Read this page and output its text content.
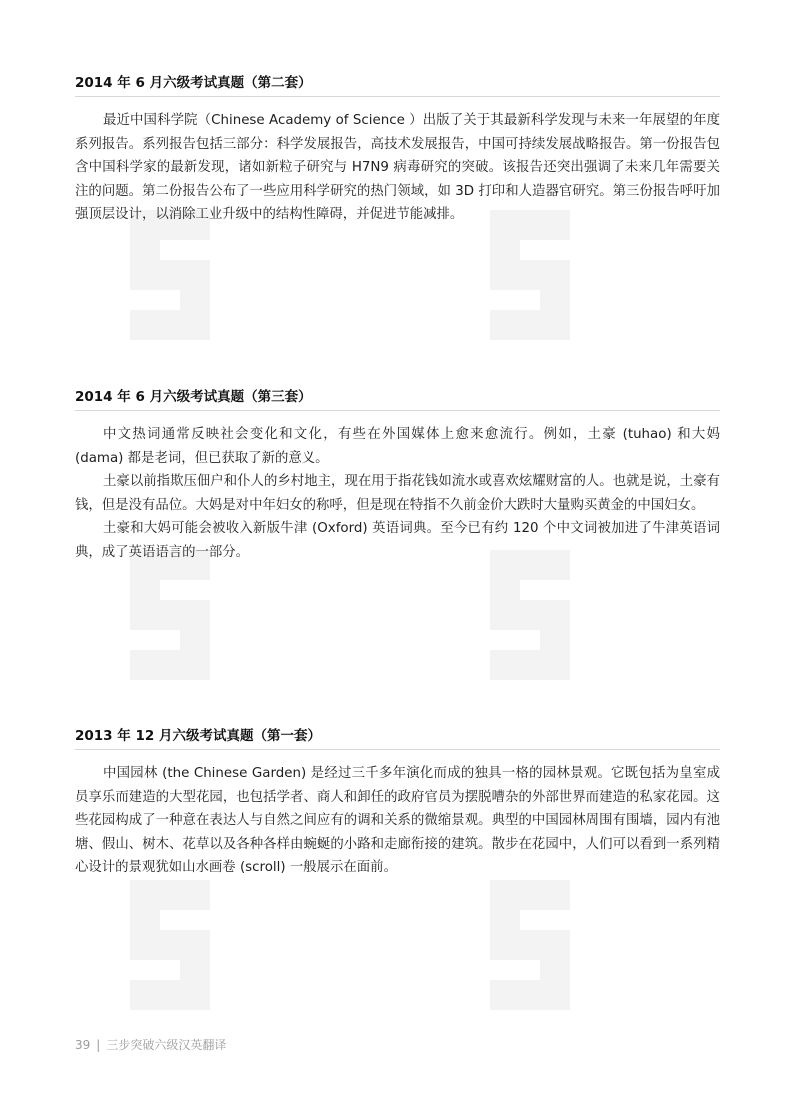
2014 年 6 月六级考试真题（第二套）

最近中国科学院（Chinese Academy of Science ）出版了关于其最新科学发现与未来一年展望的年度系列报告。系列报告包括三部分：科学发展报告，高技术发展报告，中国可持续发展战略报告。第一份报告包含中国科学家的最新发现，诸如新粒子研究与 H7N9 病毒研究的突破。该报告还突出强调了未来几年需要关注的问题。第二份报告公布了一些应用科学研究的热门领域，如 3D 打印和人造器官研究。第三份报告呼吁加强顶层设计，以消除工业升级中的结构性障碍，并促进节能减排。

2014 年 6 月六级考试真题（第三套）

中文热词通常反映社会变化和文化，有些在外国媒体上愈来愈流行。例如，土豪 (tuhao) 和大妈 (dama) 都是老词，但已获取了新的意义。

土豪以前指欺压佃户和仆人的乡村地主，现在用于指花钱如流水或喜欢炫耀财富的人。也就是说，土豪有钱，但是没有品位。大妈是对中年妇女的称呼，但是现在特指不久前金价大跌时大量购买黄金的中国妇女。

土豪和大妈可能会被收入新版牛津 (Oxford) 英语词典。至今已有约 120 个中文词被加进了牛津英语词典，成了英语语言的一部分。

2013 年 12 月六级考试真题（第一套）

中国园林 (the Chinese Garden) 是经过三千多年演化而成的独具一格的园林景观。它既包括为皇室成员享乐而建造的大型花园，也包括学者、商人和卸任的政府官员为摆脱嘈杂的外部世界而建造的私家花园。这些花园构成了一种意在表达人与自然之间应有的调和关系的微缩景观。典型的中国园林周围有围墙，园内有池塘、假山、树木、花草以及各种各样由蜿蜒的小路和走廊衔接的建筑。散步在花园中，人们可以看到一系列精心设计的景观犹如山水画卷 (scroll) 一般展示在面前。

39 | 三步突破六级汉英翻译
